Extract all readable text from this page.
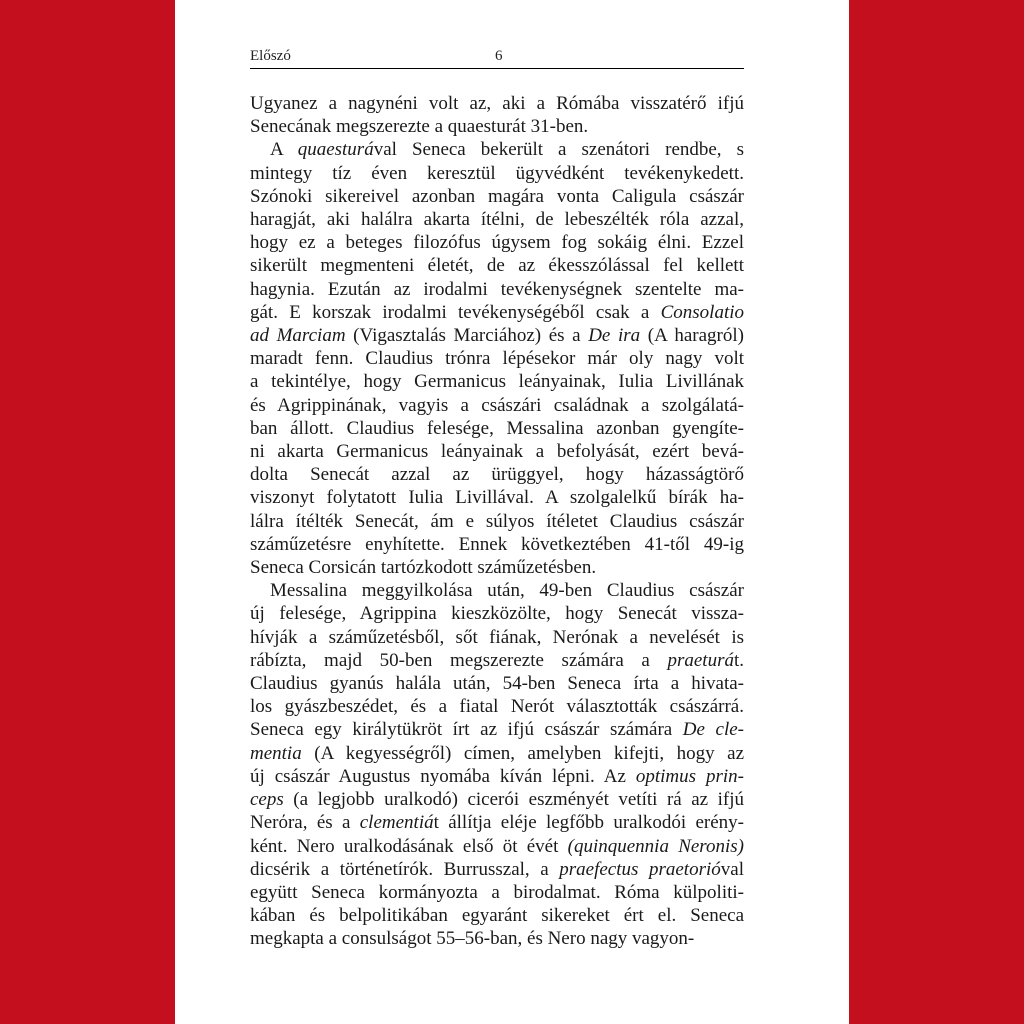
Előszó	6
Ugyanez a nagynéni volt az, aki a Rómába visszatérő ifjú
Senecának megszerezte a quaesturát 31-ben.
A quaesturával Seneca bekerült a szenátori rendbe, s
mintegy tíz éven keresztül ügyvédként tevékenykedett.
Szónoki sikereivel azonban magára vonta Caligula császár
haragját, aki halálra akarta ítélni, de lebeszélték róla azzal,
hogy ez a beteges filozófus úgysem fog sokáig élni. Ezzel
sikerült megmenteni életét, de az ékesszólással fel kellett
hagynia. Ezután az irodalmi tevékenységnek szentelte ma-
gát. E korszak irodalmi tevékenységéből csak a Consolatio
ad Marciam (Vigasztalás Marciához) és a De ira (A haragról)
maradt fenn. Claudius trónra lépésekor már oly nagy volt
a tekintélye, hogy Germanicus leányainak, Iulia Livillának
és Agrippinának, vagyis a császári családnak a szolgálatá-
ban állott. Claudius felesége, Messalina azonban gyengíte-
ni akarta Germanicus leányainak a befolyását, ezért bevá-
dolta Senecát azzal az ürüggyel, hogy házasságtörő
viszonyt folytatott Iulia Livillával. A szolgalelkű bírák ha-
lálra ítélték Senecát, ám e súlyos ítéletet Claudius császár
száműzetésre enyhítette. Ennek következtében 41-től 49-ig
Seneca Corsicán tartózkodott száműzetésben.
Messalina meggyilkolása után, 49-ben Claudius császár
új felesége, Agrippina kieszközölte, hogy Senecát vissza-
hívják a száműzetésből, sőt fiának, Nerónak a nevelését is
rábízta, majd 50-ben megszerezte számára a praeturát.
Claudius gyanús halála után, 54-ben Seneca írta a hivata-
los gyászbeszédet, és a fiatal Nerót választották császárrá.
Seneca egy királytükröt írt az ifjú császár számára De cle-
mentia (A kegyességről) címen, amelyben kifejti, hogy az
új császár Augustus nyomába kíván lépni. Az optimus prin-
ceps (a legjobb uralkodó) cicerói eszményét vetíti rá az ifjú
Nerόra, és a clementiát állítja eléje legfőbb uralkodói erény-
ként. Nero uralkodásának első öt évét (quinquennia Neronis)
dicsérik a történetírók. Burrusszal, a praefectus praetorióval
együtt Seneca kormányozta a birodalmat. Róma külpoliti-
kában és belpolitikában egyaránt sikereket ért el. Seneca
megkapta a consulságot 55–56-ban, és Nero nagy vagyon-
